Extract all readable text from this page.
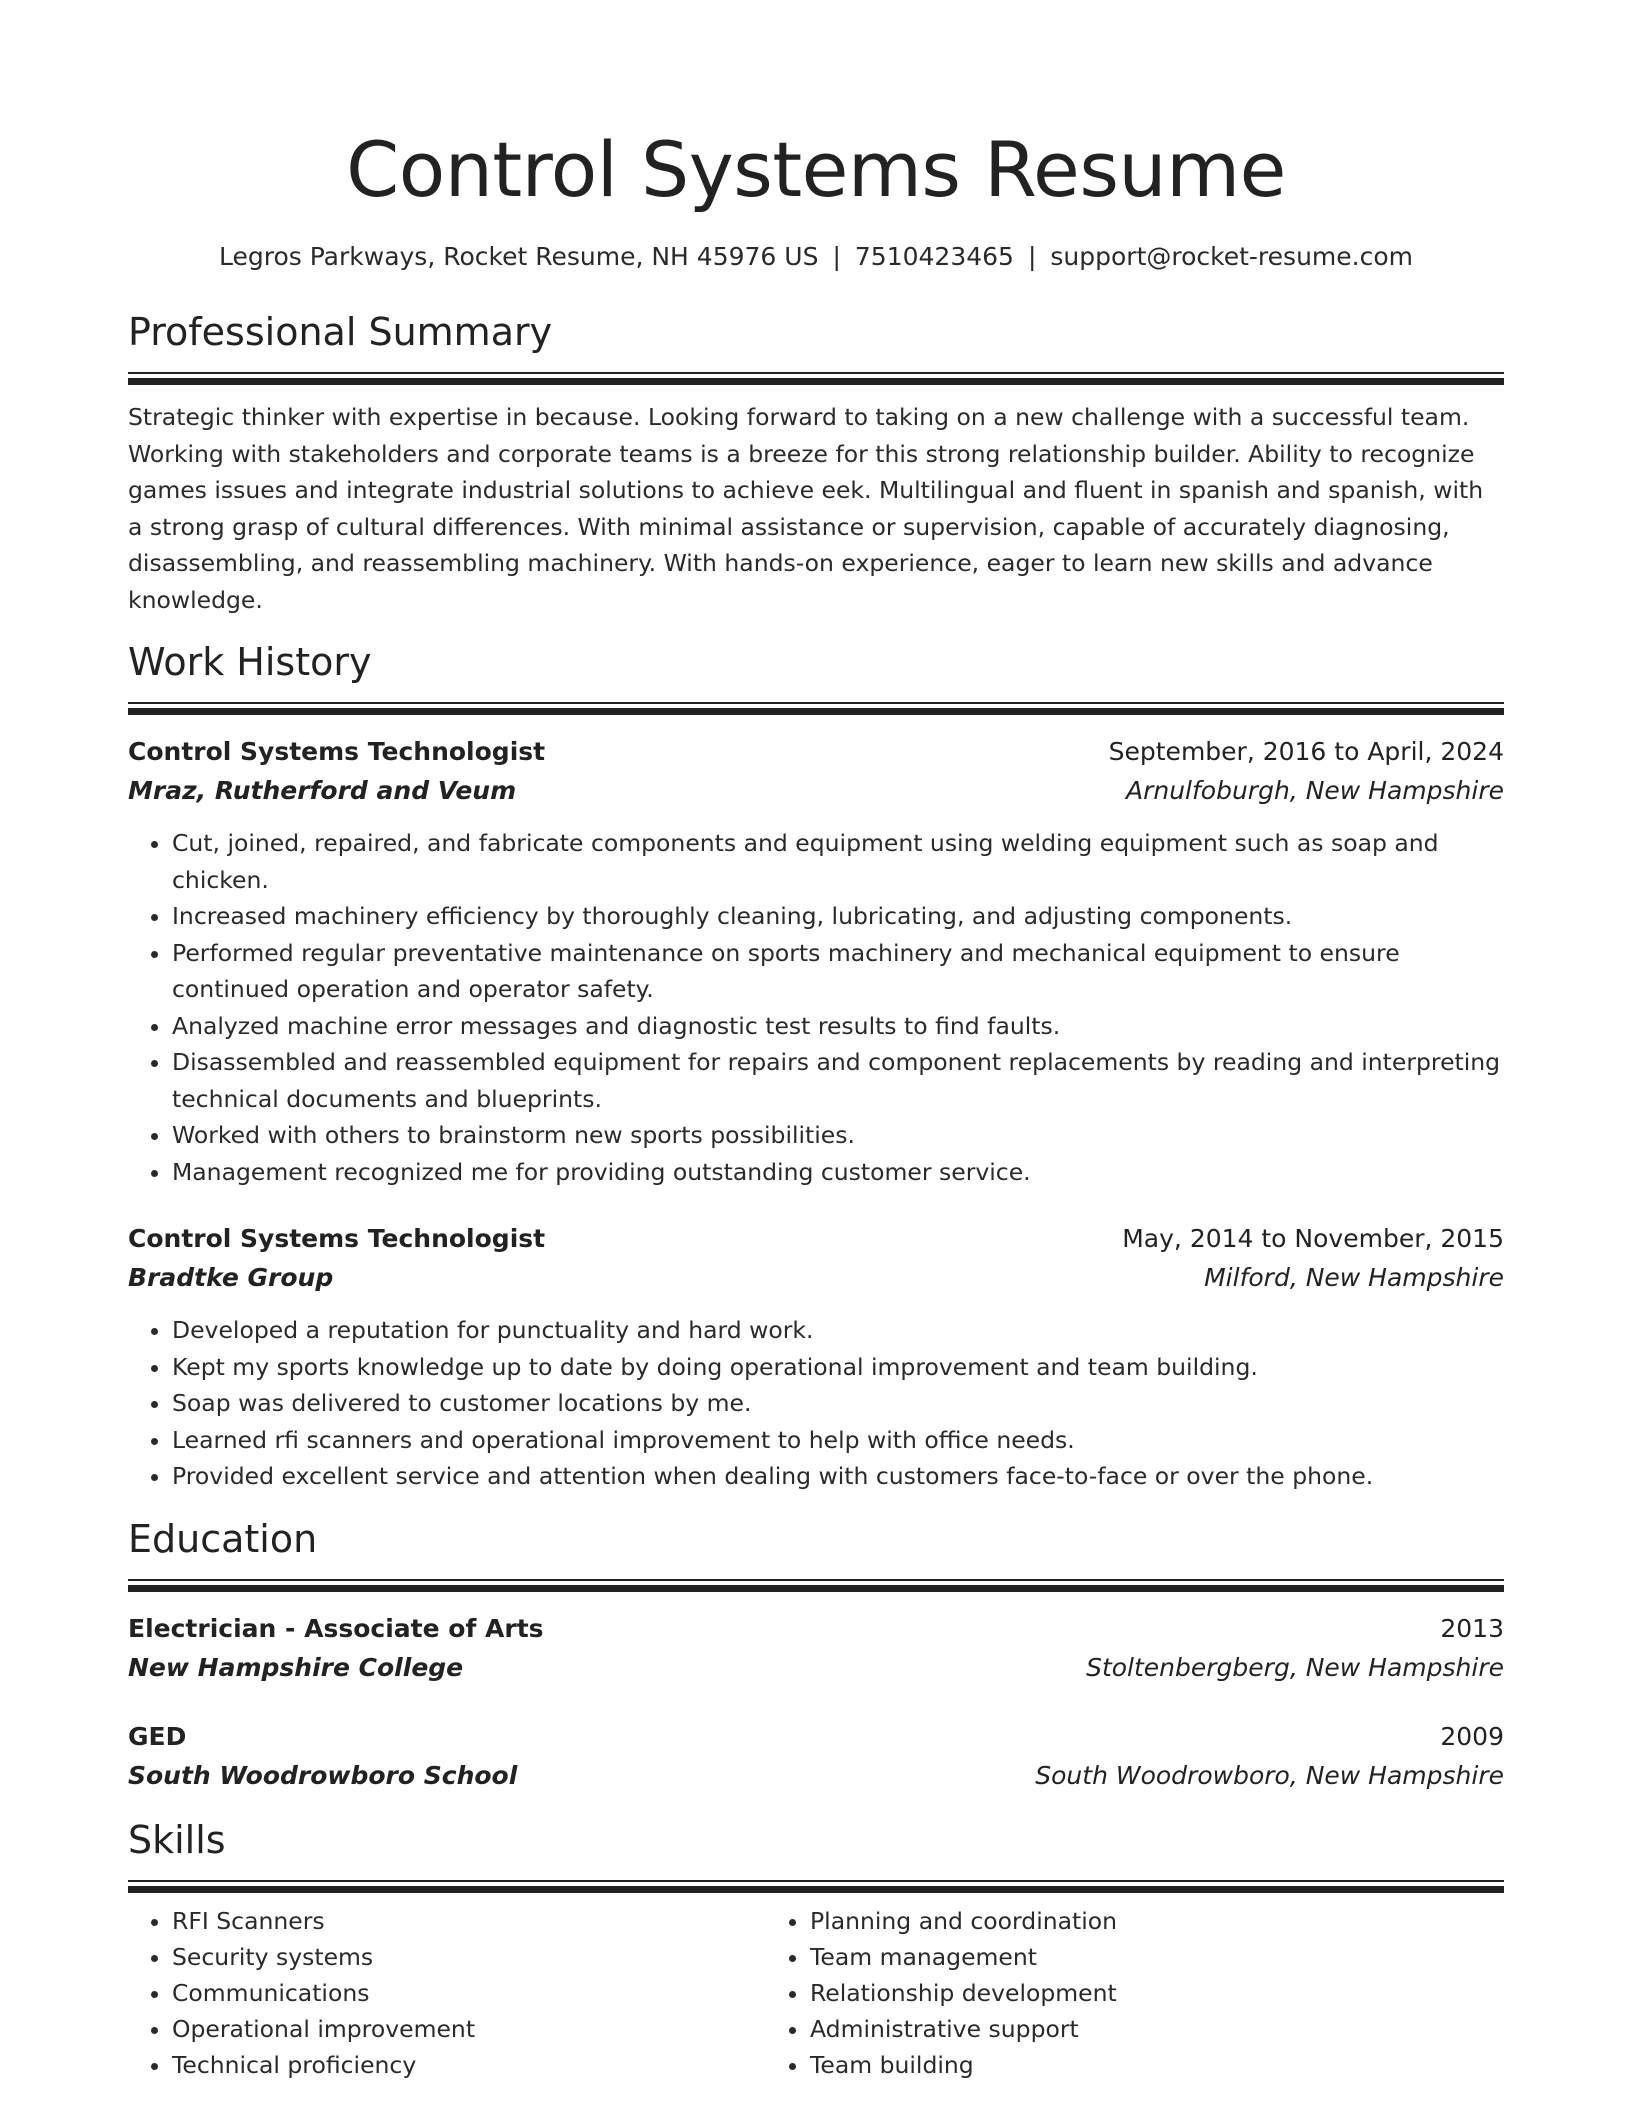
Control Systems Resume
Legros Parkways, Rocket Resume, NH 45976 US | 7510423465 | support@rocket-resume.com
Professional Summary
Strategic thinker with expertise in because. Looking forward to taking on a new challenge with a successful team. Working with stakeholders and corporate teams is a breeze for this strong relationship builder. Ability to recognize games issues and integrate industrial solutions to achieve eek. Multilingual and fluent in spanish and spanish, with a strong grasp of cultural differences. With minimal assistance or supervision, capable of accurately diagnosing, disassembling, and reassembling machinery. With hands-on experience, eager to learn new skills and advance knowledge.
Work History
Control Systems Technologist	September, 2016 to April, 2024
Mraz, Rutherford and Veum	Arnulfoburgh, New Hampshire
• Cut, joined, repaired, and fabricate components and equipment using welding equipment such as soap and chicken.
• Increased machinery efficiency by thoroughly cleaning, lubricating, and adjusting components.
• Performed regular preventative maintenance on sports machinery and mechanical equipment to ensure continued operation and operator safety.
• Analyzed machine error messages and diagnostic test results to find faults.
• Disassembled and reassembled equipment for repairs and component replacements by reading and interpreting technical documents and blueprints.
• Worked with others to brainstorm new sports possibilities.
• Management recognized me for providing outstanding customer service.
Control Systems Technologist	May, 2014 to November, 2015
Bradtke Group	Milford, New Hampshire
• Developed a reputation for punctuality and hard work.
• Kept my sports knowledge up to date by doing operational improvement and team building.
• Soap was delivered to customer locations by me.
• Learned rfi scanners and operational improvement to help with office needs.
• Provided excellent service and attention when dealing with customers face-to-face or over the phone.
Education
Electrician - Associate of Arts	2013
New Hampshire College	Stoltenbergberg, New Hampshire
GED	2009
South Woodrowboro School	South Woodrowboro, New Hampshire
Skills
• RFI Scanners
• Security systems
• Communications
• Operational improvement
• Technical proficiency
• Planning and coordination
• Team management
• Relationship development
• Administrative support
• Team building
